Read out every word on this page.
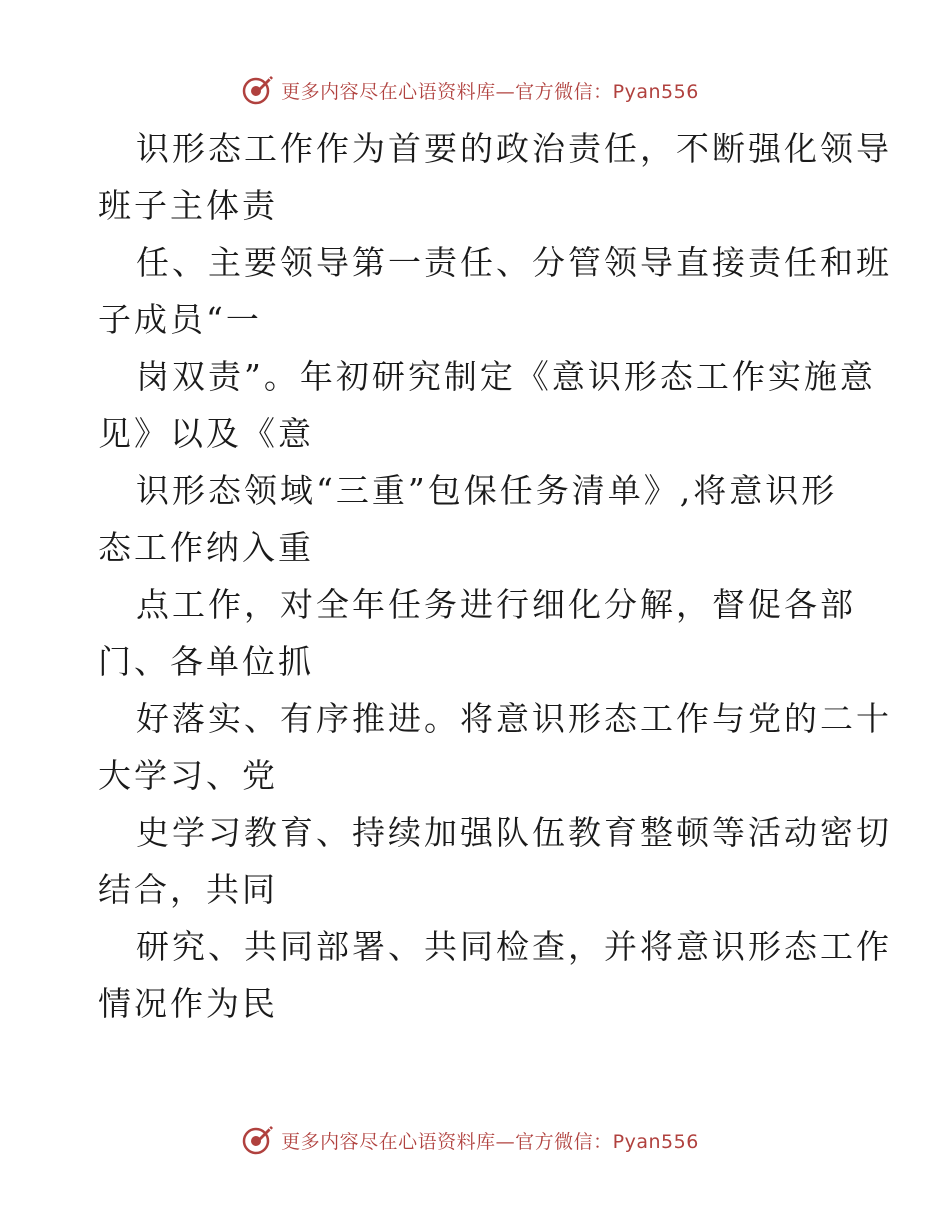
更多内容尽在心语资料库—官方微信：Pyan556

识形态工作作为首要的政治责任，不断强化领导
班子主体责

任、主要领导第一责任、分管领导直接责任和班
子成员“一

岗双责”。年初研究制定《意识形态工作实施意
见》以及《意

识形态领域“三重”包保任务清单》,将意识形
态工作纳入重

点工作，对全年任务进行细化分解，督促各部
门、各单位抓

好落实、有序推进。将意识形态工作与党的二十
大学习、党

史学习教育、持续加强队伍教育整顿等活动密切
结合，共同

研究、共同部署、共同检查，并将意识形态工作
情况作为民

更多内容尽在心语资料库—官方微信：Pyan556
